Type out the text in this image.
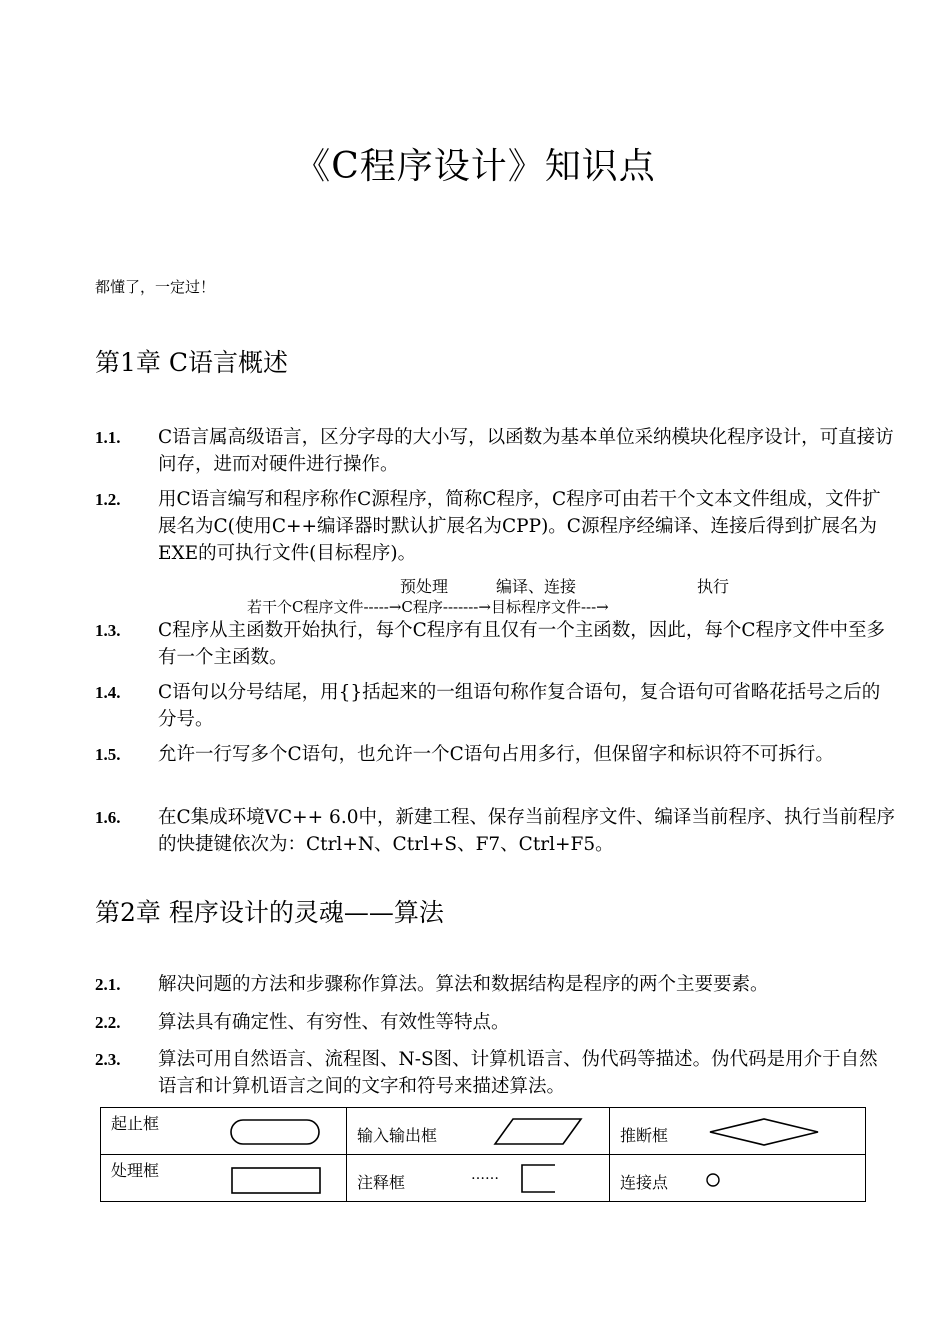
《C程序设计》知识点
都懂了，一定过！
第1章 C语言概述
1.1. C语言属高级语言，区分字母的大小写，以函数为基本单位采纳模块化程序设计，可直接访问存，进而对硬件进行操作。
1.2. 用C语言编写和程序称作C源程序，简称C程序，C程序可由若干个文本文件组成，文件扩展名为C(使用C++编译器时默认扩展名为CPP)。C源程序经编译、连接后得到扩展名为EXE的可执行文件(目标程序)。
预处理	编译、连接	执行
若干个C程序文件-----→C程序-------→目标程序文件---→
1.3. C程序从主函数开始执行，每个C程序有且仅有一个主函数，因此，每个C程序文件中至多有一个主函数。
1.4. C语句以分号结尾，用{}括起来的一组语句称作复合语句，复合语句可省略花括号之后的分号。
1.5. 允许一行写多个C语句，也允许一个C语句占用多行，但保留字和标识符不可拆行。
1.6. 在C集成环境VC++ 6.0中，新建工程、保存当前程序文件、编译当前程序、执行当前程序的快捷键依次为：Ctrl+N、Ctrl+S、F7、Ctrl+F5。
第2章 程序设计的灵魂——算法
2.1. 解决问题的方法和步骤称作算法。算法和数据结构是程序的两个主要要素。
2.2. 算法具有确定性、有穷性、有效性等特点。
2.3. 算法可用自然语言、流程图、N-S图、计算机语言、伪代码等描述。伪代码是用介于自然语言和计算机语言之间的文字和符号来描述算法。
起止框	输入输出框	推断框

处理框	注释框 ……	连接点
